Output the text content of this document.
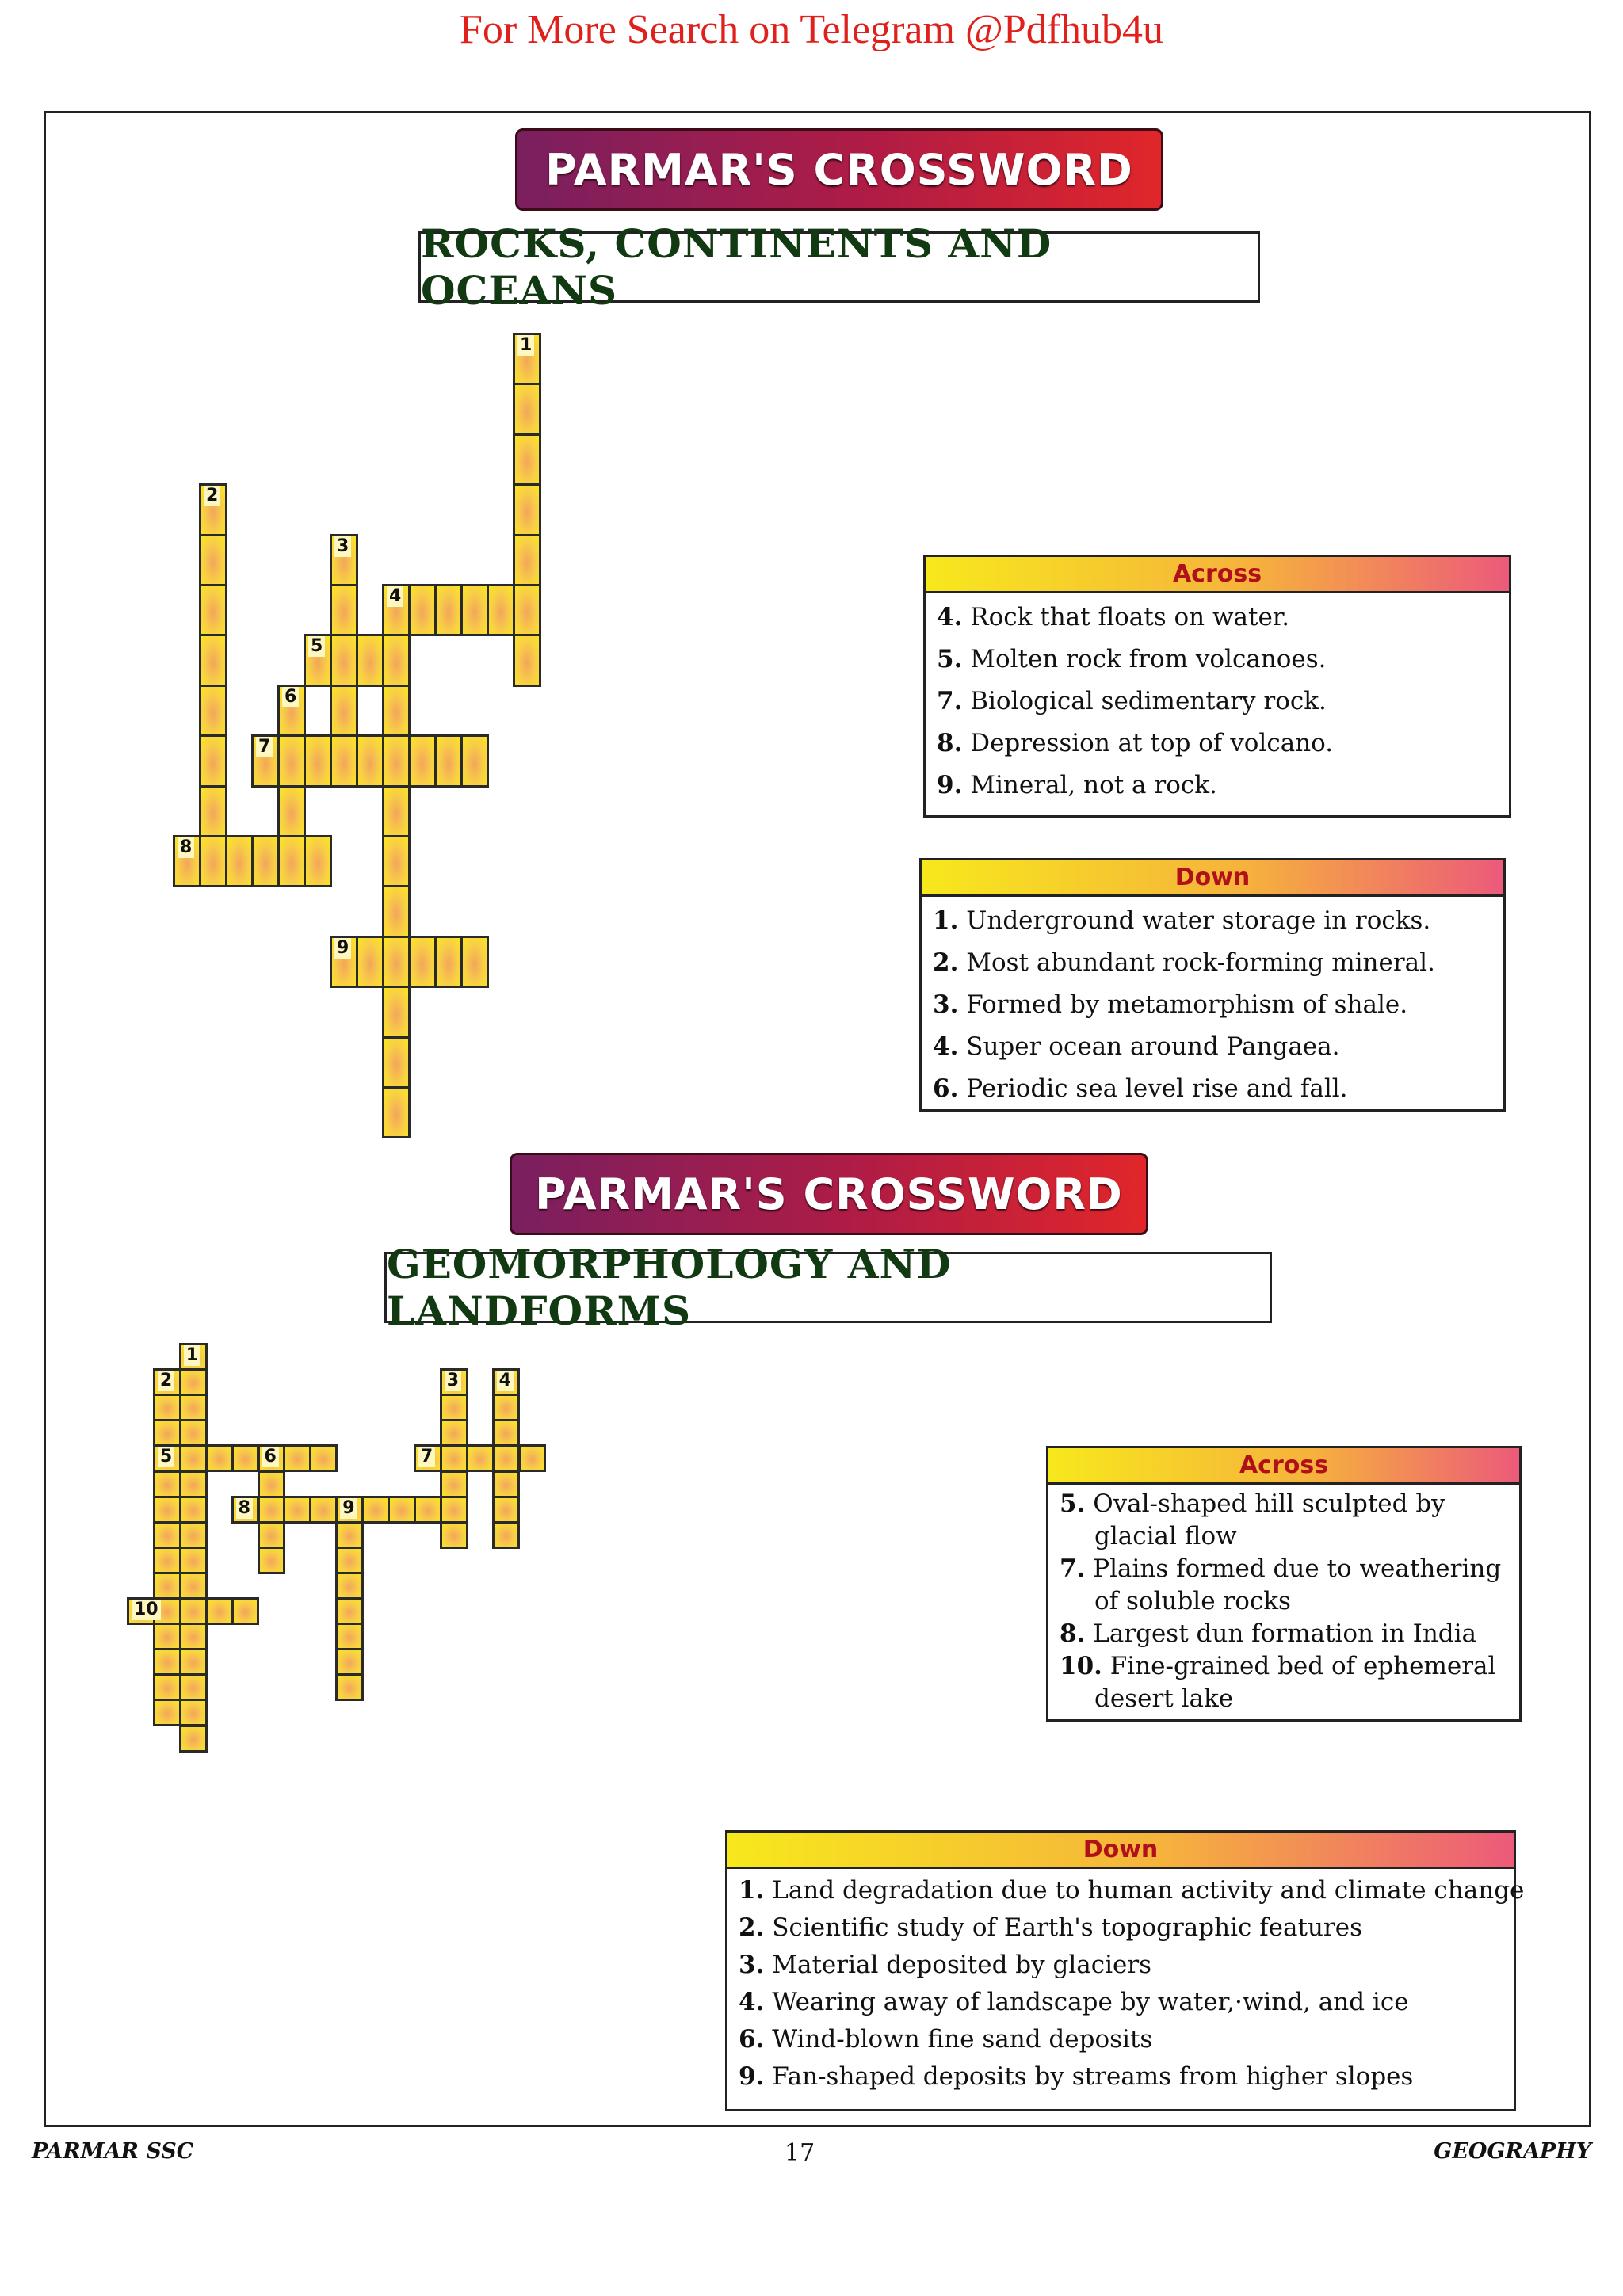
For More Search on Telegram @Pdfhub4u
PARMAR'S CROSSWORD
ROCKS, CONTINENTS AND OCEANS
1
2
3
4
5
6
7
8
9
Across
4. Rock that floats on water.
5. Molten rock from volcanoes.
7. Biological sedimentary rock.
8. Depression at top of volcano.
9. Mineral, not a rock.
Down
1. Underground water storage in rocks.
2. Most abundant rock-forming mineral.
3. Formed by metamorphism of shale.
4. Super ocean around Pangaea.
6. Periodic sea level rise and fall.
PARMAR'S CROSSWORD
GEOMORPHOLOGY AND LANDFORMS
1
2
5
3 4
6	7
8	9
10
Across
5. Oval-shaped hill sculpted by glacial flow
7. Plains formed due to weathering of soluble rocks
8. Largest dun formation in India
10. Fine-grained bed of ephemeral desert lake
Down
1. Land degradation due to human activity and climate change
2. Scientific study of Earth's topographic features
3. Material deposited by glaciers
4. Wearing away of landscape by water,·wind, and ice
6. Wind-blown fine sand deposits
9. Fan-shaped deposits by streams from higher slopes
PARMAR SSC	17	GEOGRAPHY
